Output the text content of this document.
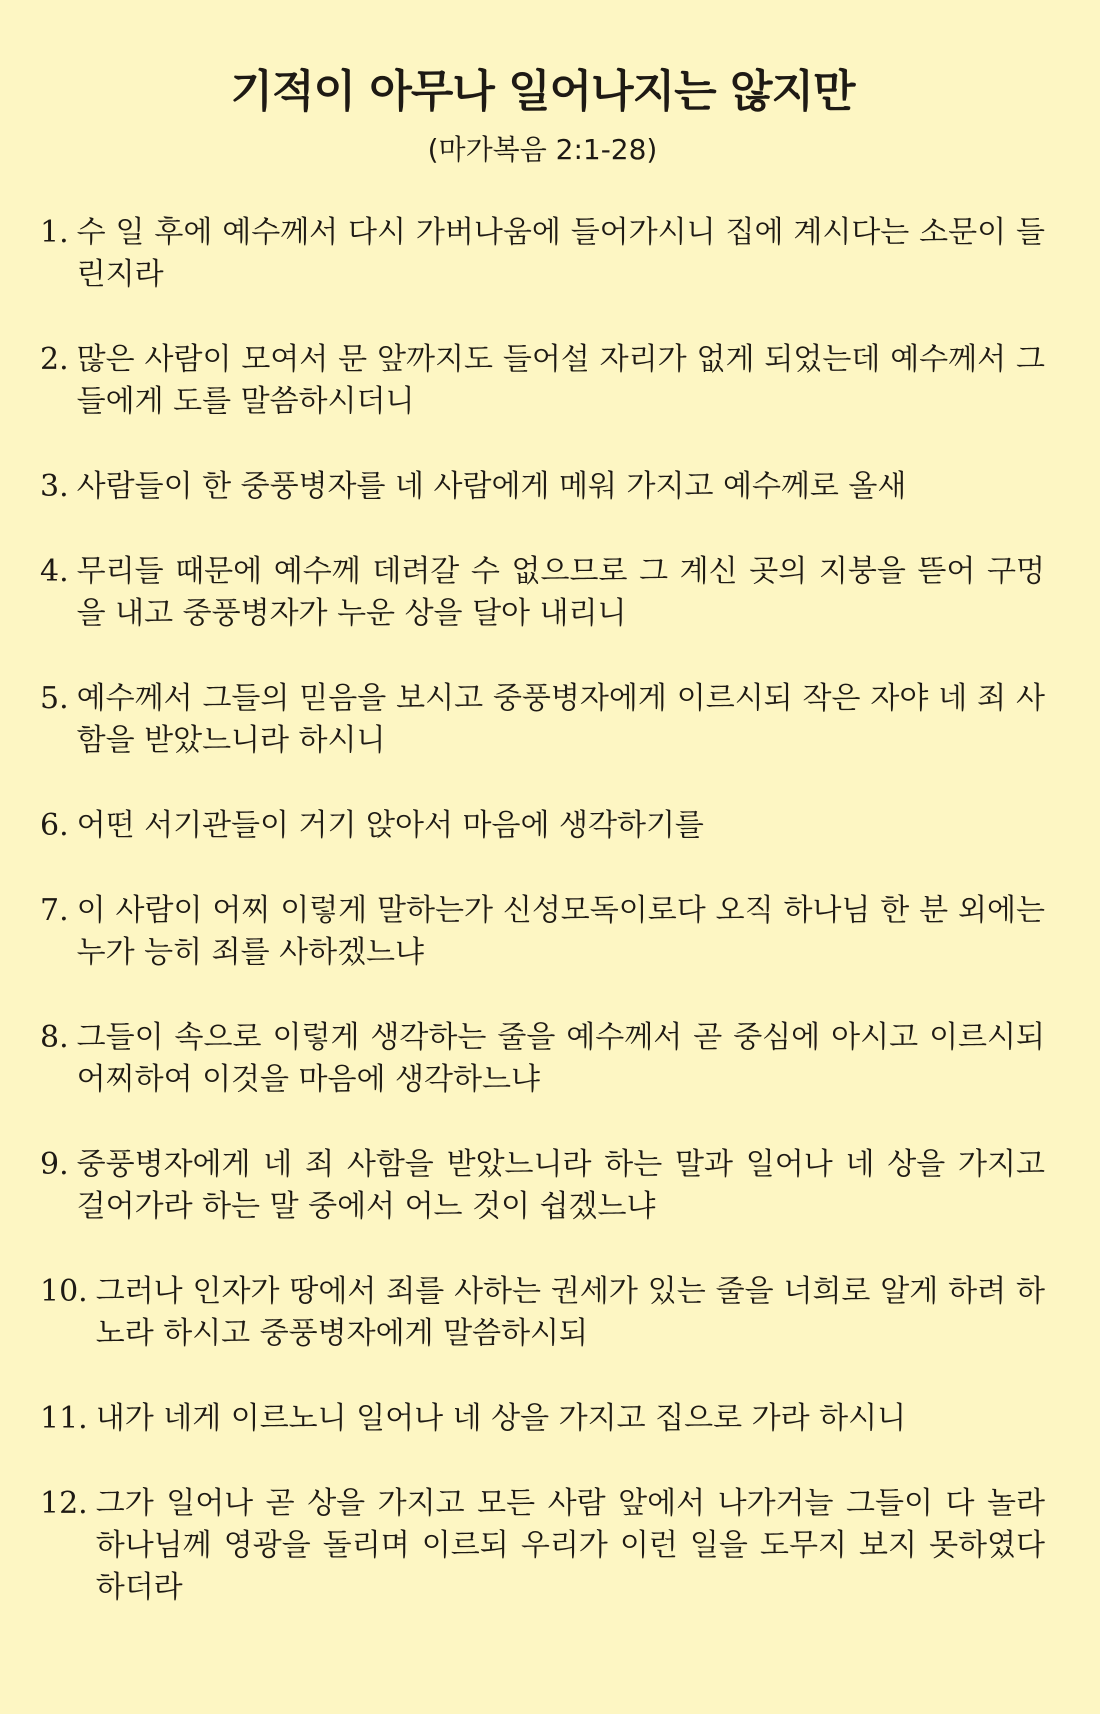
기적이 아무나 일어나지는 않지만
(마가복음 2:1-28)
1. 수 일 후에 예수께서 다시 가버나움에 들어가시니 집에 계시다는 소문이 들린지라
2. 많은 사람이 모여서 문 앞까지도 들어설 자리가 없게 되었는데 예수께서 그들에게 도를 말씀하시더니
3. 사람들이 한 중풍병자를 네 사람에게 메워 가지고 예수께로 올새
4. 무리들 때문에 예수께 데려갈 수 없으므로 그 계신 곳의 지붕을 뜯어 구멍을 내고 중풍병자가 누운 상을 달아 내리니
5. 예수께서 그들의 믿음을 보시고 중풍병자에게 이르시되 작은 자야 네 죄 사함을 받았느니라 하시니
6. 어떤 서기관들이 거기 앉아서 마음에 생각하기를
7. 이 사람이 어찌 이렇게 말하는가 신성모독이로다 오직 하나님 한 분 외에는 누가 능히 죄를 사하겠느냐
8. 그들이 속으로 이렇게 생각하는 줄을 예수께서 곧 중심에 아시고 이르시되 어찌하여 이것을 마음에 생각하느냐
9. 중풍병자에게 네 죄 사함을 받았느니라 하는 말과 일어나 네 상을 가지고 걸어가라 하는 말 중에서 어느 것이 쉽겠느냐
10. 그러나 인자가 땅에서 죄를 사하는 권세가 있는 줄을 너희로 알게 하려 하노라 하시고 중풍병자에게 말씀하시되
11. 내가 네게 이르노니 일어나 네 상을 가지고 집으로 가라 하시니
12. 그가 일어나 곧 상을 가지고 모든 사람 앞에서 나가거늘 그들이 다 놀라 하나님께 영광을 돌리며 이르되 우리가 이런 일을 도무지 보지 못하였다 하더라
